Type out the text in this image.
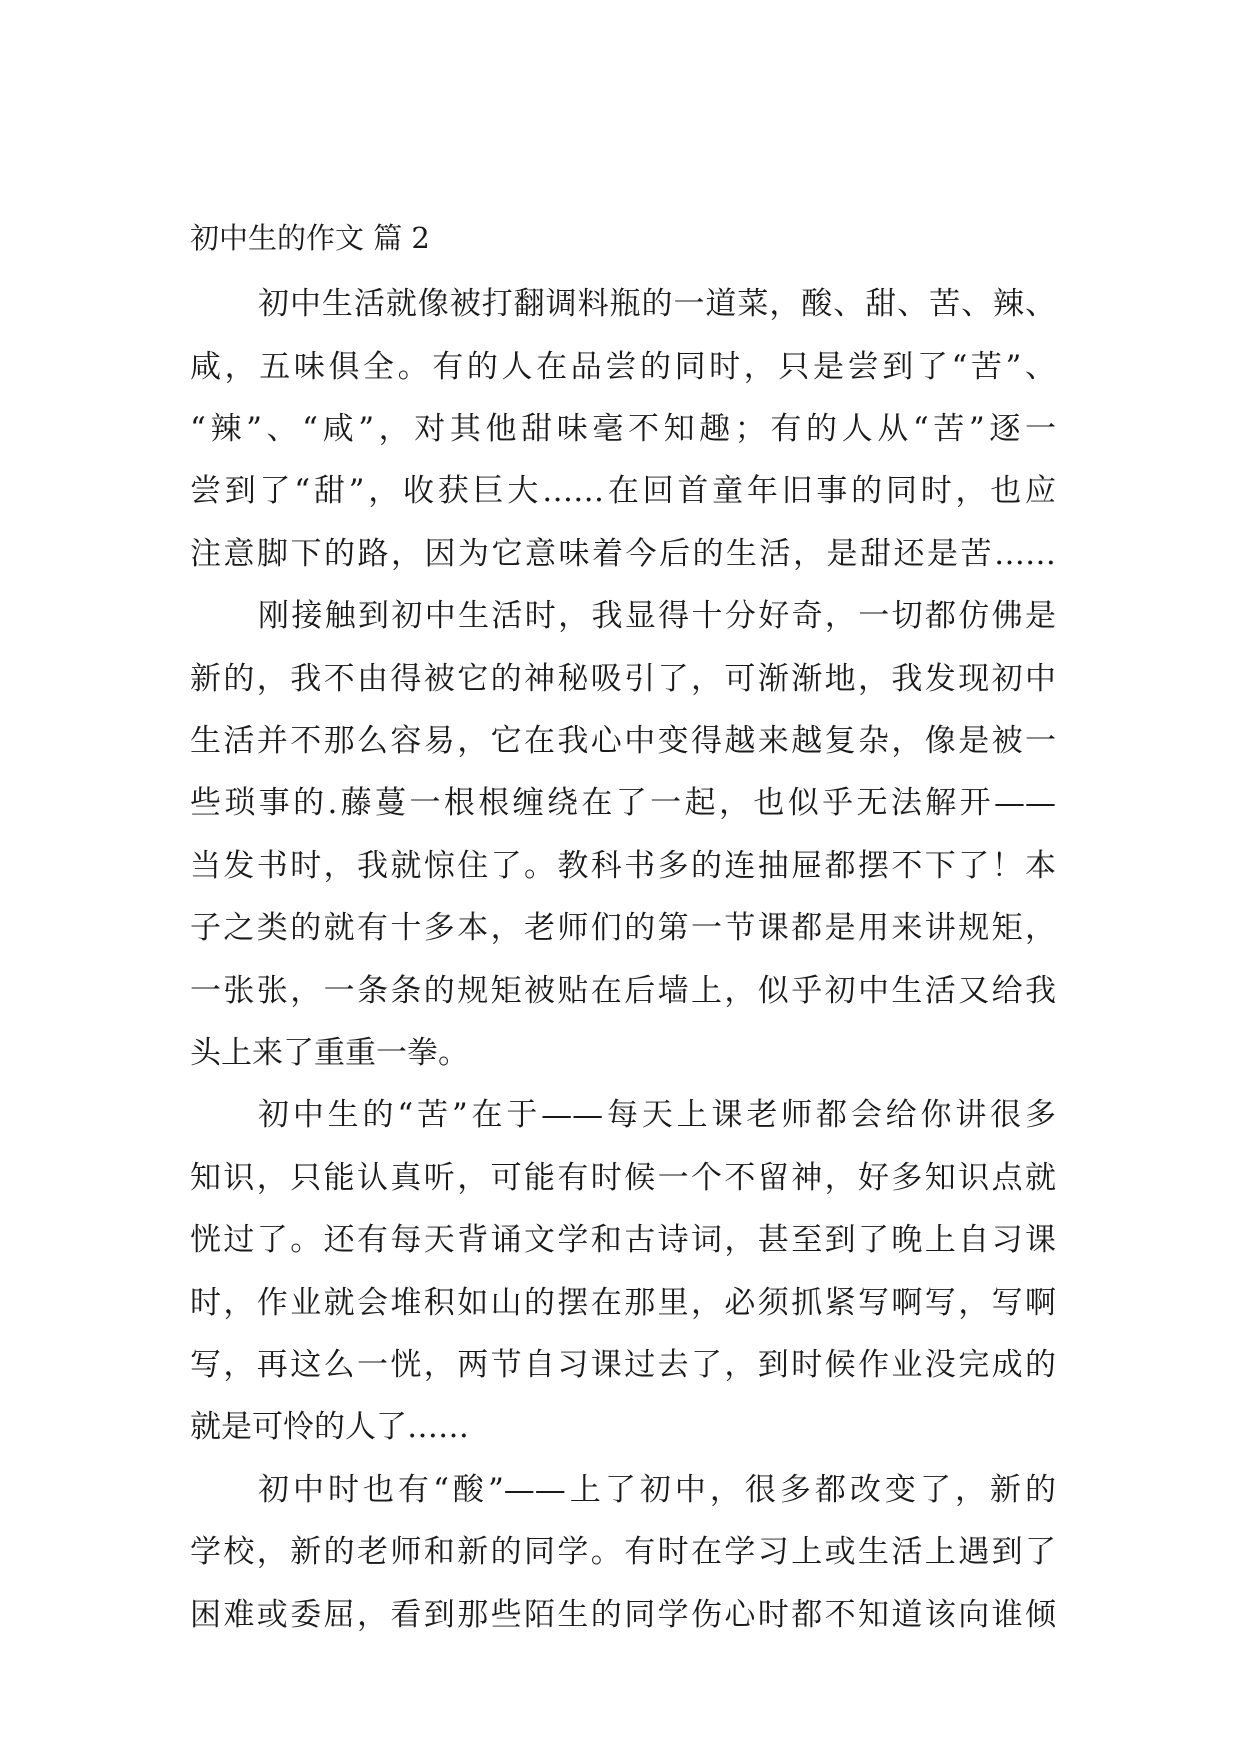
初中生的作文 篇 2
初中生活就像被打翻调料瓶的一道菜，酸、甜、苦、辣、
咸，五味俱全。有的人在品尝的同时，只是尝到了“苦”、
“辣”、“咸”，对其他甜味毫不知趣；有的人从“苦”逐一
尝到了“甜”，收获巨大……在回首童年旧事的同时，也应
注意脚下的路，因为它意味着今后的生活，是甜还是苦……
刚接触到初中生活时，我显得十分好奇，一切都仿佛是
新的，我不由得被它的神秘吸引了，可渐渐地，我发现初中
生活并不那么容易，它在我心中变得越来越复杂，像是被一
些琐事的.藤蔓一根根缠绕在了一起，也似乎无法解开——
当发书时，我就惊住了。教科书多的连抽屉都摆不下了！本
子之类的就有十多本，老师们的第一节课都是用来讲规矩，
一张张，一条条的规矩被贴在后墙上，似乎初中生活又给我
头上来了重重一拳。
初中生的“苦”在于——每天上课老师都会给你讲很多
知识，只能认真听，可能有时候一个不留神，好多知识点就
恍过了。还有每天背诵文学和古诗词，甚至到了晚上自习课
时，作业就会堆积如山的摆在那里，必须抓紧写啊写，写啊
写，再这么一恍，两节自习课过去了，到时候作业没完成的
就是可怜的人了……
初中时也有“酸”——上了初中，很多都改变了，新的
学校，新的老师和新的同学。有时在学习上或生活上遇到了
困难或委屈，看到那些陌生的同学伤心时都不知道该向谁倾
